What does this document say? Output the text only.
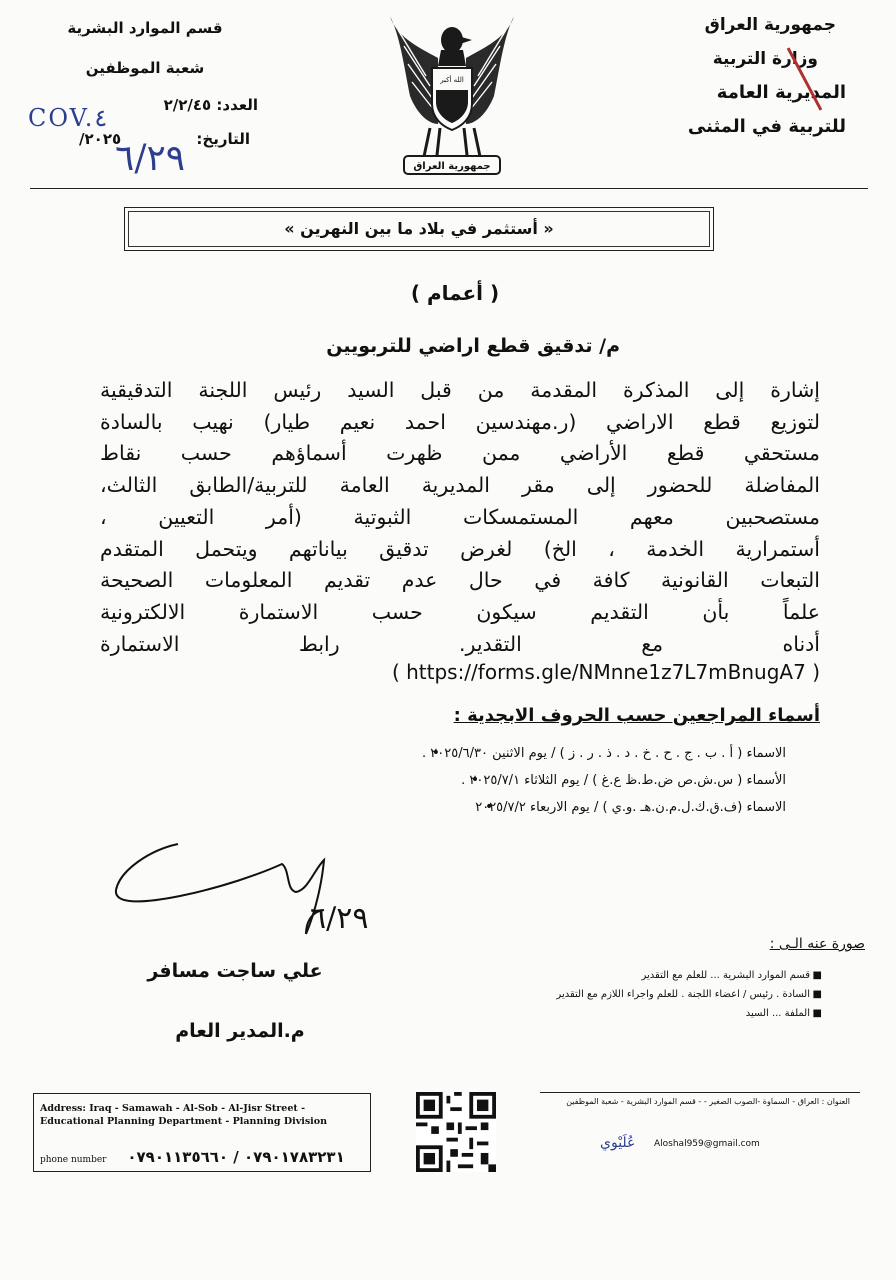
جمهورية العراق
وزارة التربية
المديرية العامة
للتربية في المثنى
قسم الموارد البشرية
شعبة الموظفين
العدد: ٢/٢/٤٥
التاريخ: ٢٠٢٥/
COV.٤
٦/٢٩
الله أكبر
جمهورية العراق
« أستثمر في بلاد ما بين النهرين »
( أعمام )
م/ تدقيق قطع اراضي للتربويين
إشارة إلى المذكرة المقدمة من قبل السيد رئيس اللجنة التدقيقية
لتوزيع قطع الاراضي (ر.مهندسين احمد نعيم طيار) نهيب بالسادة
مستحقي قطع الأراضي ممن ظهرت أسماؤهم حسب نقاط
المفاضلة للحضور إلى مقر المديرية العامة للتربية/الطابق الثالث،
مستصحبين معهم المستمسكات الثبوتية (أمر التعيين ،
أستمرارية الخدمة ، الخ) لغرض تدقيق بياناتهم ويتحمل المتقدم
التبعات القانونية كافة في حال عدم تقديم المعلومات الصحيحة
علماً بأن التقديم سيكون حسب الاستمارة الالكترونية
أدناه مع التقدير. رابط الاستمارة
( https://forms.gle/NMnne1z7L7mBnugA7 )
أسماء المراجعين حسب الحروف الابجدية :
الاسماء ( أ . ب . ج . ح . خ . د . ذ . ر . ز ) / يوم الاثنين ٢٠٢٥/٦/٣٠ . •
الأسماء ( س.ش.ص ض.ط.ظ ع.غ ) / يوم الثلاثاء ٢٠٢٥/٧/١ . •
الاسماء (ف.ق.ك.ل.م.ن.هـ .و.ي ) / يوم الاربعاء ٢٠٢٥/٧/٢ •
٦/٢٩
علي ساجت مسافر
م.المدير العام
صورة عنه الـى :
■
قسم الموارد البشرية ... للعلم مع التقدير
■
السادة . رئيس / اعضاء اللجنة . للعلم واجراء اللازم مع التقدير
■
الملفة ... السيد
Address: Iraq - Samawah - Al-Sob - Al-Jisr Street - Educational Planning Department - Planning Division
phone number ٠٧٩٠١٧٨٣٢٣١ / ٠٧٩٠١١٣٥٦٦٠
العنوان : العراق - السماوة -الصوب الصغير - - قسم الموارد البشرية - شعبة الموظفين
عُلَيْوي Aloshal959@gmail.com
